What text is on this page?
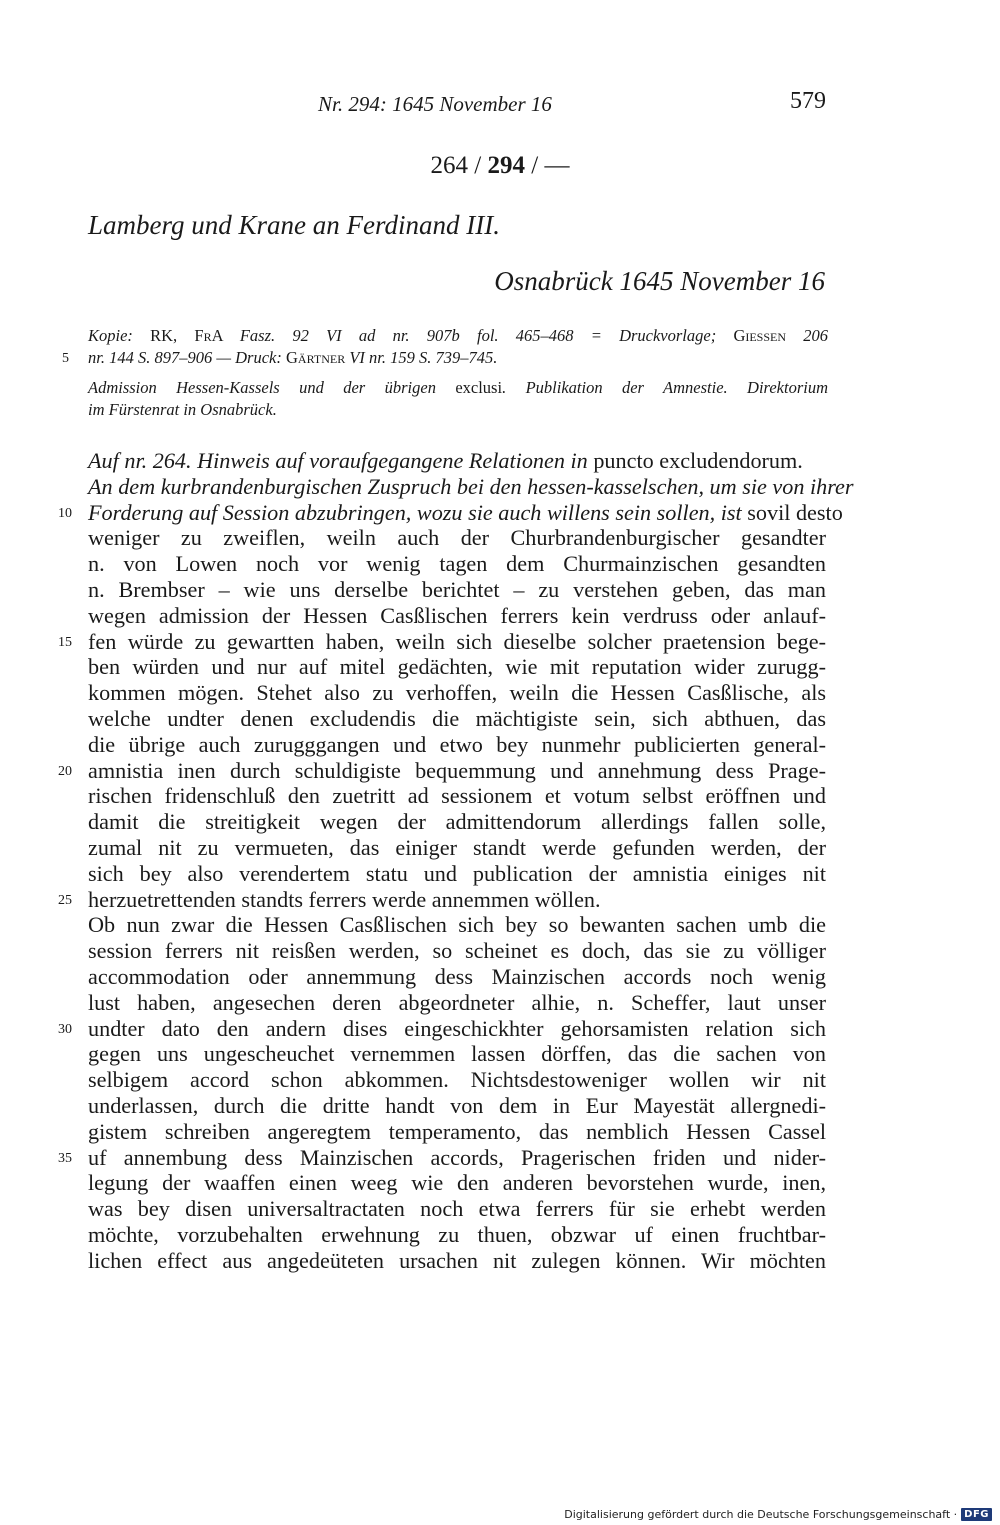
Nr. 294: 1645 November 16	579
264 / 294 / —
Lamberg und Krane an Ferdinand III.
Osnabrück 1645 November 16
Kopie: RK, FrA Fasz. 92 VI ad nr. 907b fol. 465–468 = Druckvorlage; Giessen 206
nr. 144 S. 897–906 — Druck: Gärtner VI nr. 159 S. 739–745.
Admission Hessen-Kassels und der übrigen exclusi. Publikation der Amnestie. Direktorium
im Fürstenrat in Osnabrück.
5
10
15
20
25
30
35
Auf nr. 264. Hinweis auf voraufgegangene Relationen in puncto excludendorum.
An dem kurbrandenburgischen Zuspruch bei den hessen-kasselschen, um sie von ihrer
Forderung auf Session abzubringen, wozu sie auch willens sein sollen, ist sovil desto
weniger zu zweiflen, weiln auch der Churbrandenburgischer gesandter
n. von Lowen noch vor wenig tagen dem Churmainzischen gesandten
n. Brembser – wie uns derselbe berichtet – zu verstehen geben, das man
wegen admission der Hessen Casßlischen ferrers kein verdruss oder anlauf-
fen würde zu gewartten haben, weiln sich dieselbe solcher praetension bege-
ben würden und nur auf mitel gedächten, wie mit reputation wider zurugg-
kommen mögen. Stehet also zu verhoffen, weiln die Hessen Casßlische, als
welche undter denen excludendis die mächtigiste sein, sich abthuen, das
die übrige auch zurugggangen und etwo bey nunmehr publicierten general-
amnistia inen durch schuldigiste bequemmung und annehmung dess Prage-
rischen fridenschluß den zuetritt ad sessionem et votum selbst eröffnen und
damit die streitigkeit wegen der admittendorum allerdings fallen solle,
zumal nit zu vermueten, das einiger standt werde gefunden werden, der
sich bey also verendertem statu und publication der amnistia einiges nit
herzuetrettenden standts ferrers werde annemmen wöllen.
Ob nun zwar die Hessen Casßlischen sich bey so bewanten sachen umb die
session ferrers nit reisßen werden, so scheinet es doch, das sie zu völliger
accommodation oder annemmung dess Mainzischen accords noch wenig
lust haben, angesechen deren abgeordneter alhie, n. Scheffer, laut unser
undter dato den andern dises eingeschickhter gehorsamisten relation sich
gegen uns ungescheuchet vernemmen lassen dörffen, das die sachen von
selbigem accord schon abkommen. Nichtsdestoweniger wollen wir nit
underlassen, durch die dritte handt von dem in Eur Mayestät allergnedi-
gistem schreiben angeregtem temperamento, das nemblich Hessen Cassel
uf annembung dess Mainzischen accords, Pragerischen friden und nider-
legung der waaffen einen weeg wie den anderen bevorstehen wurde, inen,
was bey disen universaltractaten noch etwa ferrers für sie erhebt werden
möchte, vorzubehalten erwehnung zu thuen, obzwar uf einen fruchtbar-
lichen effect aus angedeüteten ursachen nit zulegen können. Wir möchten
Digitalisierung gefördert durch die Deutsche Forschungsgemeinschaft · DFG
